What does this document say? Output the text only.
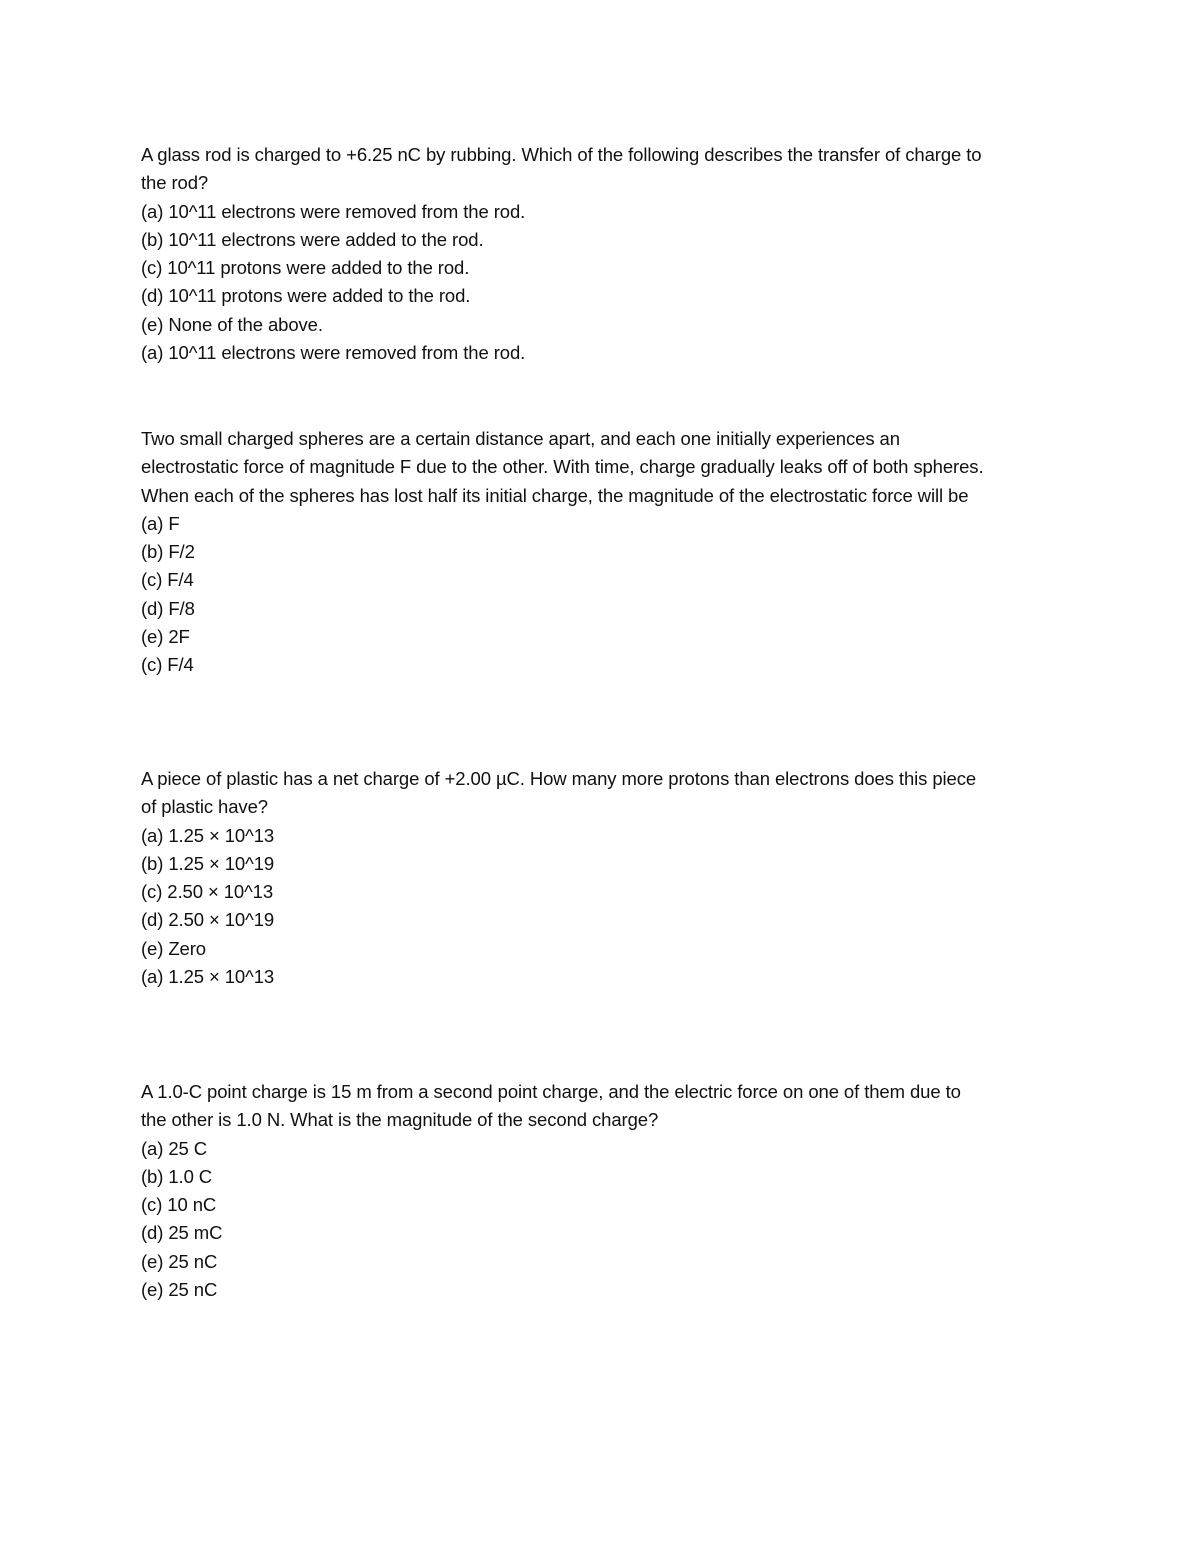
A glass rod is charged to +6.25 nC by rubbing. Which of the following describes the transfer of charge to
the rod?
(a) 10^11 electrons were removed from the rod.
(b) 10^11 electrons were added to the rod.
(c) 10^11 protons were added to the rod.
(d) 10^11 protons were added to the rod.
(e) None of the above.
(a) 10^11 electrons were removed from the rod.
Two small charged spheres are a certain distance apart, and each one initially experiences an
electrostatic force of magnitude F due to the other. With time, charge gradually leaks off of both spheres.
When each of the spheres has lost half its initial charge, the magnitude of the electrostatic force will be
(a) F
(b) F/2
(c) F/4
(d) F/8
(e) 2F
(c) F/4
A piece of plastic has a net charge of +2.00 µC. How many more protons than electrons does this piece
of plastic have?
(a) 1.25 × 10^13
(b) 1.25 × 10^19
(c) 2.50 × 10^13
(d) 2.50 × 10^19
(e) Zero
(a) 1.25 × 10^13
A 1.0-C point charge is 15 m from a second point charge, and the electric force on one of them due to
the other is 1.0 N. What is the magnitude of the second charge?
(a) 25 C
(b) 1.0 C
(c) 10 nC
(d) 25 mC
(e) 25 nC
(e) 25 nC
